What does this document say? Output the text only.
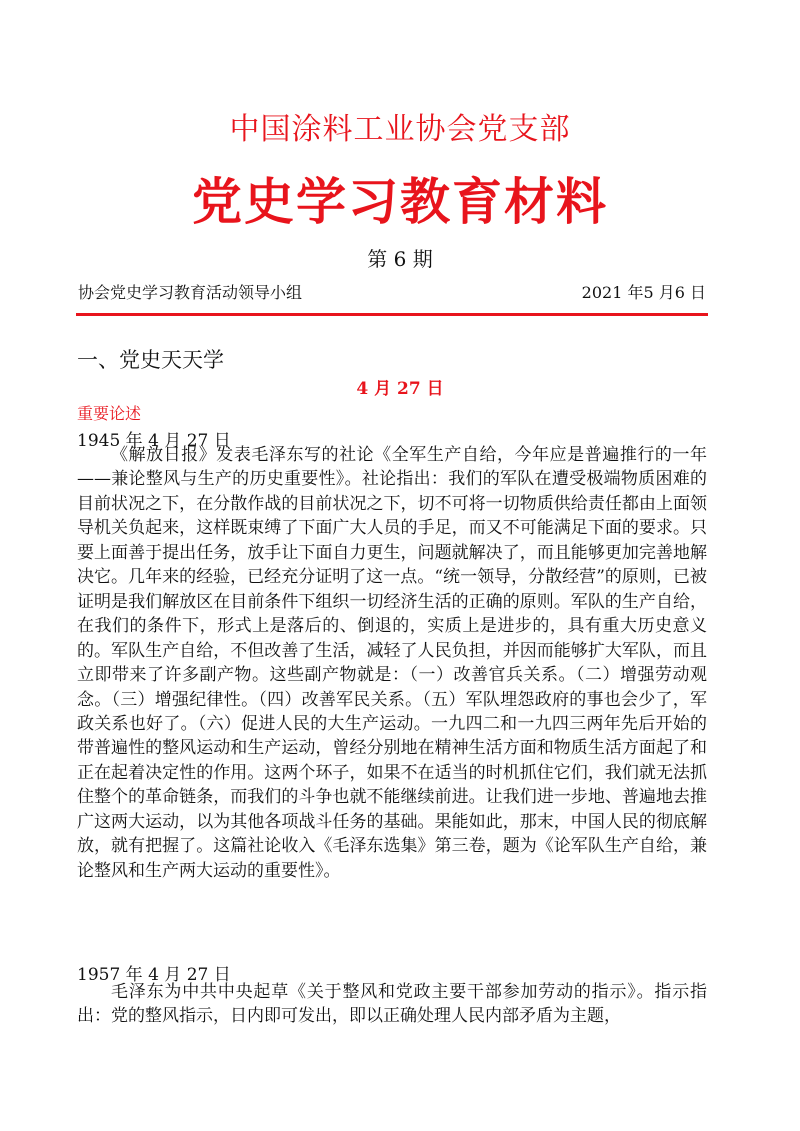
中国涂料工业协会党支部
党史学习教育材料
第 6 期
协会党史学习教育活动领导小组	2021 年5 月6 日
一、党史天天学
4 月 27 日
重要论述
1945 年 4 月 27 日

《解放日报》发表毛泽东写的社论《全军生产自给，今年应是普遍推行的一年——兼论整风与生产的历史重要性》。社论指出：我们的军队在遭受极端物质困难的目前状况之下，在分散作战的目前状况之下，切不可将一切物质供给责任都由上面领导机关负起来，这样既束缚了下面广大人员的手足，而又不可能满足下面的要求。只要上面善于提出任务，放手让下面自力更生，问题就解决了，而且能够更加完善地解决它。几年来的经验，已经充分证明了这一点。“统一领导，分散经营”的原则，已被证明是我们解放区在目前条件下组织一切经济生活的正确的原则。军队的生产自给，在我们的条件下，形式上是落后的、倒退的，实质上是进步的，具有重大历史意义的。军队生产自给，不但改善了生活，减轻了人民负担，并因而能够扩大军队，而且立即带来了许多副产物。这些副产物就是：（一）改善官兵关系。（二）增强劳动观念。（三）增强纪律性。（四）改善军民关系。（五）军队埋怨政府的事也会少了，军政关系也好了。（六）促进人民的大生产运动。一九四二和一九四三两年先后开始的带普遍性的整风运动和生产运动，曾经分别地在精神生活方面和物质生活方面起了和正在起着决定性的作用。这两个环子，如果不在适当的时机抓住它们，我们就无法抓住整个的革命链条，而我们的斗争也就不能继续前进。让我们进一步地、普遍地去推广这两大运动，以为其他各项战斗任务的基础。果能如此，那末，中国人民的彻底解放，就有把握了。这篇社论收入《毛泽东选集》第三卷，题为《论军队生产自给，兼论整风和生产两大运动的重要性》。

1957 年 4 月 27 日

毛泽东为中共中央起草《关于整风和党政主要干部参加劳动的指示》。指示指出：党的整风指示，日内即可发出，即以正确处理人民内部矛盾为主题，
